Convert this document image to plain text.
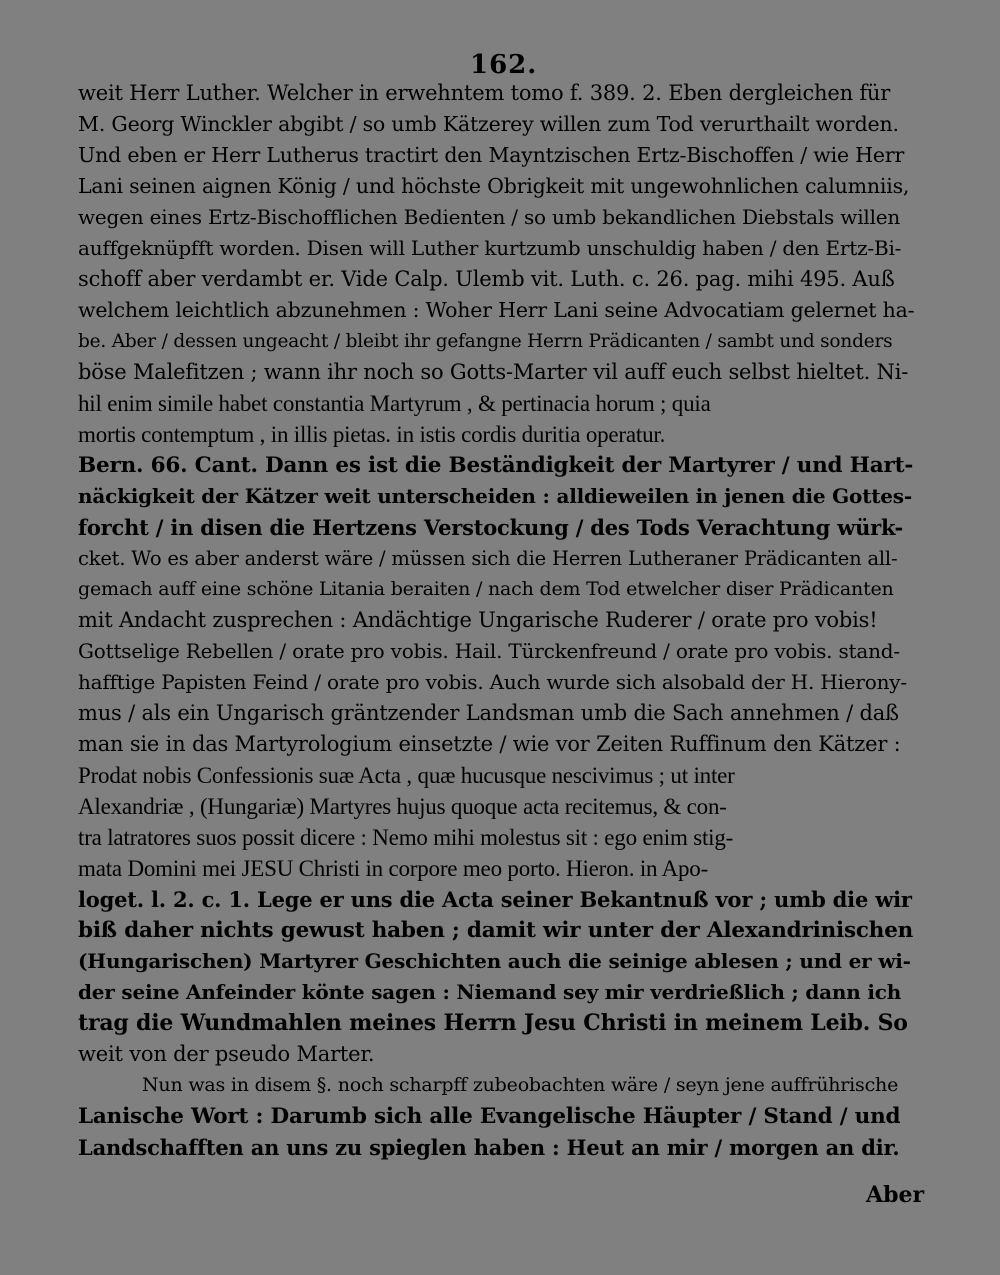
162.
weit Herr Luther. Welcher in erwehntem tomo f. 389. 2. Eben dergleichen für
M. Georg Winckler abgibt / so umb Kätzerey willen zum Tod verurthailt worden.
Und eben er Herr Lutherus tractirt den Mayntzischen Ertz-Bischoffen / wie Herr
Lani seinen aignen König / und höchste Obrigkeit mit ungewohnlichen calumniis,
wegen eines Ertz-Bischofflichen Bedienten / so umb bekandlichen Diebstals willen
auffgeknüpfft worden. Disen will Luther kurtzumb unschuldig haben / den Ertz-Bi-
schoff aber verdambt er. Vide Calp. Ulemb vit. Luth. c. 26. pag. mihi 495. Auß
welchem leichtlich abzunehmen : Woher Herr Lani seine Advocatiam gelernet ha-
be. Aber / dessen ungeacht / bleibt ihr gefangne Herrn Prädicanten / sambt und sonders
böse Malefitzen ; wann ihr noch so Gotts-Marter vil auff euch selbst hieltet. Ni-
hil enim simile habet constantia Martyrum , & pertinacia horum ; quia
mortis contemptum , in illis pietas. in istis cordis duritia operatur.
Bern. 66. Cant. Dann es ist die Beständigkeit der Martyrer / und Hart-
näckigkeit der Kätzer weit unterscheiden : alldieweilen in jenen die Gottes-
forcht / in disen die Hertzens Verstockung / des Tods Verachtung würk-
cket. Wo es aber anderst wäre / müssen sich die Herren Lutheraner Prädicanten all-
gemach auff eine schöne Litania beraiten / nach dem Tod etwelcher diser Prädicanten
mit Andacht zusprechen : Andächtige Ungarische Ruderer / orate pro vobis!
Gottselige Rebellen / orate pro vobis. Hail. Türckenfreund / orate pro vobis. stand-
hafftige Papisten Feind / orate pro vobis. Auch wurde sich alsobald der H. Hierony-
mus / als ein Ungarisch gräntzender Landsman umb die Sach annehmen / daß
man sie in das Martyrologium einsetzte / wie vor Zeiten Ruffinum den Kätzer :
Prodat nobis Confessionis suæ Acta , quæ hucusque nescivimus ; ut inter
Alexandriæ , (Hungariæ) Martyres hujus quoque acta recitemus, & con-
tra latratores suos possit dicere : Nemo mihi molestus sit : ego enim stig-
mata Domini mei JESU Christi in corpore meo porto. Hieron. in Apo-
loget. l. 2. c. 1. Lege er uns die Acta seiner Bekantnuß vor ; umb die wir
biß daher nichts gewust haben ; damit wir unter der Alexandrinischen
(Hungarischen) Martyrer Geschichten auch die seinige ablesen ; und er wi-
der seine Anfeinder könte sagen : Niemand sey mir verdrießlich ; dann ich
trag die Wundmahlen meines Herrn Jesu Christi in meinem Leib. So
weit von der pseudo Marter.
Nun was in disem §. noch scharpff zubeobachten wäre / seyn jene auffrührische
Lanische Wort : Darumb sich alle Evangelische Häupter / Stand / und
Landschafften an uns zu spieglen haben : Heut an mir / morgen an dir.
Aber
